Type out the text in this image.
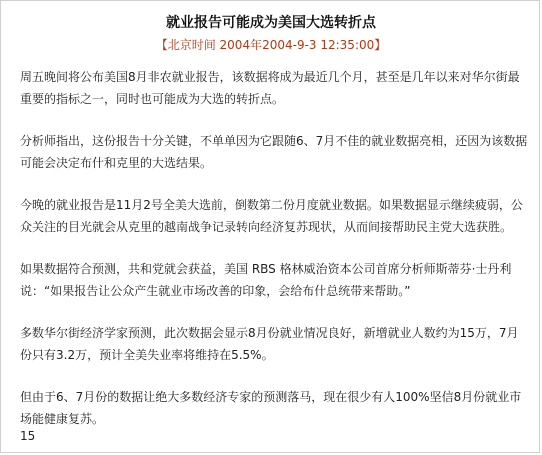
就业报告可能成为美国大选转折点
【北京时间 2004年2004-9-3 12:35:00】

周五晚间将公布美国8月非农就业报告，该数据将成为最近几个月，甚至是几年以来对华尔街最重要的指标之一，同时也可能成为大选的转折点。

分析师指出，这份报告十分关键，不单单因为它跟随6、7月不佳的就业数据亮相，还因为该数据可能会决定布什和克里的大选结果。

今晚的就业报告是11月2号全美大选前，倒数第二份月度就业数据。如果数据显示继续疲弱，公众关注的目光就会从克里的越南战争记录转向经济复苏现状，从而间接帮助民主党大选获胜。

如果数据符合预测，共和党就会获益，美国 RBS 格林威治资本公司首席分析师斯蒂芬·士丹利说：“如果报告让公众产生就业市场改善的印象，会给布什总统带来帮助。”

多数华尔街经济学家预测，此次数据会显示8月份就业情况良好，新增就业人数约为15万，7月份只有3.2万，预计全美失业率将维持在5.5%。

但由于6、7月份的数据让绝大多数经济专家的预测落马，现在很少有人100%坚信8月份就业市场能健康复苏。

15
